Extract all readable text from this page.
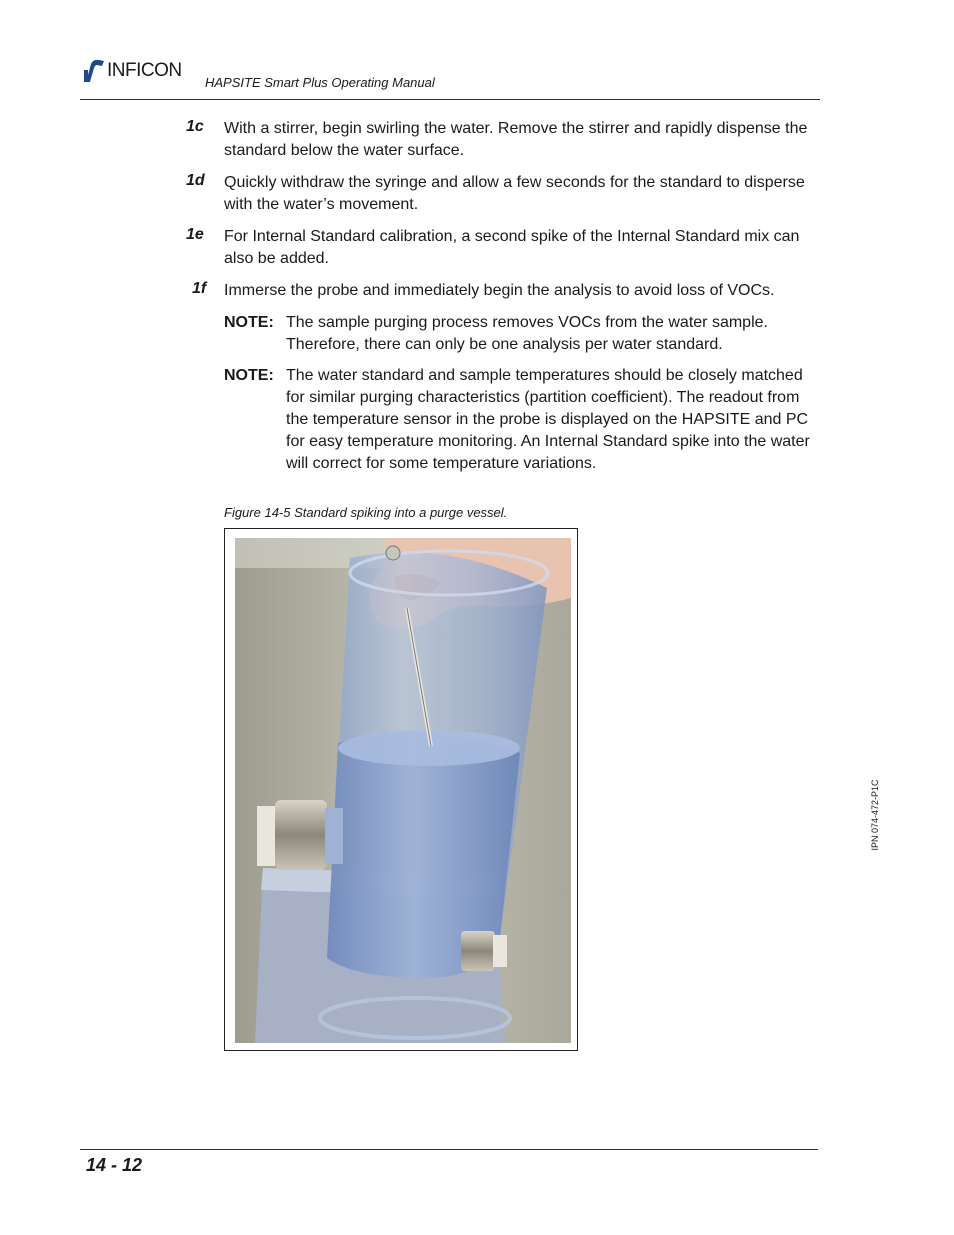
INFICON
HAPSITE Smart Plus Operating Manual
1c With a stirrer, begin swirling the water. Remove the stirrer and rapidly dispense the standard below the water surface.
1d Quickly withdraw the syringe and allow a few seconds for the standard to disperse with the water’s movement.
1e For Internal Standard calibration, a second spike of the Internal Standard mix can also be added.
1f Immerse the probe and immediately begin the analysis to avoid loss of VOCs.
NOTE: The sample purging process removes VOCs from the water sample. Therefore, there can only be one analysis per water standard.
NOTE: The water standard and sample temperatures should be closely matched for similar purging characteristics (partition coefficient). The readout from the temperature sensor in the probe is displayed on the HAPSITE and PC for easy temperature monitoring. An Internal Standard spike into the water will correct for some temperature variations.
Figure 14-5 Standard spiking into a purge vessel.
IPN 074-472-P1C
14 - 12
